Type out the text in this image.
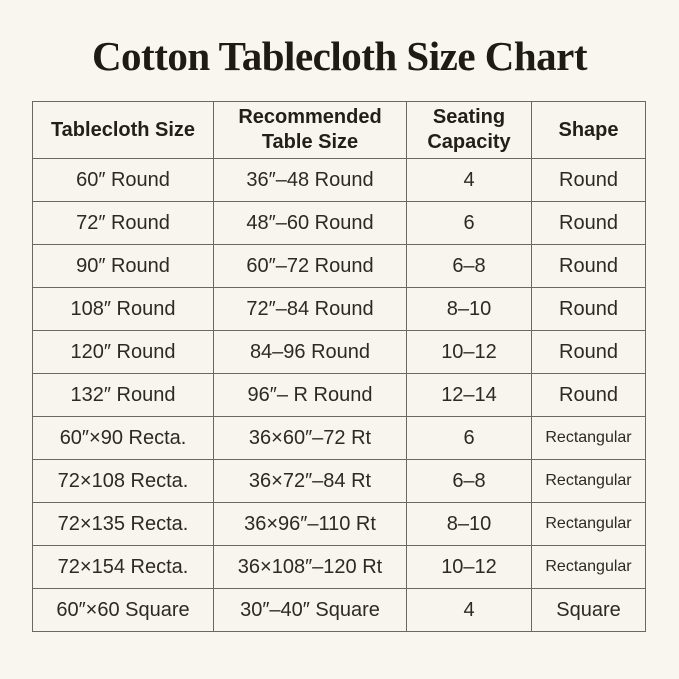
Cotton Tablecloth Size Chart
Tablecloth Size	Recommended Table Size	Seating Capacity	Shape
60″ Round	36″–48 Round	4	Round
72″ Round	48″–60 Round	6	Round
90″ Round	60″–72 Round	6–8	Round
108″ Round	72″–84 Round	8–10	Round
120″ Round	84–96 Round	10–12	Round
132″ Round	96″– R Round	12–14	Round
60″×90 Recta.	36×60″–72 Rt	6	Rectangular
72×108 Recta.	36×72″–84 Rt	6–8	Rectangular
72×135 Recta.	36×96″–110 Rt	8–10	Rectangular
72×154 Recta.	36×108″–120 Rt	10–12	Rectangular
60″×60 Square	30″–40″ Square	4	Square
